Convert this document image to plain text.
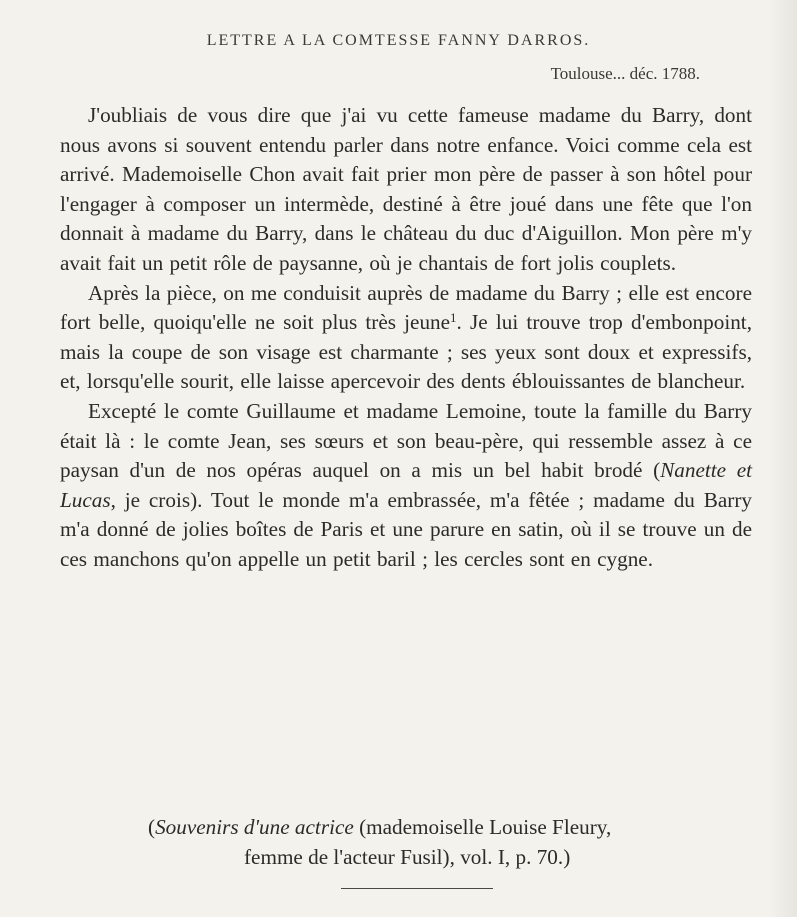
LETTRE A LA COMTESSE FANNY DARROS.
Toulouse... déc. 1788.

J'oubliais de vous dire que j'ai vu cette fameuse madame du Barry, dont nous avons si souvent entendu parler dans notre enfance. Voici comme cela est arrivé. Mademoiselle Chon avait fait prier mon père de passer à son hôtel pour l'engager à composer un intermède, destiné à être joué dans une fête que l'on donnait à madame du Barry, dans le château du duc d'Aiguillon. Mon père m'y avait fait un petit rôle de paysanne, où je chantais de fort jolis couplets.

Après la pièce, on me conduisit auprès de madame du Barry ; elle est encore fort belle, quoiqu'elle ne soit plus très jeune$^1$. Je lui trouve trop d'embonpoint, mais la coupe de son visage est charmante ; ses yeux sont doux et expressifs, et, lorsqu'elle sourit, elle laisse apercevoir des dents éblouissantes de blancheur.

Excepté le comte Guillaume et madame Lemoine, toute la famille du Barry était là : le comte Jean, ses sœurs et son beau-père, qui ressemble assez à ce paysan d'un de nos opéras auquel on a mis un bel habit brodé (Nanette et Lucas, je crois). Tout le monde m'a embrassée, m'a fêtée ; madame du Barry m'a donné de jolies boîtes de Paris et une parure en satin, où il se trouve un de ces manchons qu'on appelle un petit baril ; les cercles sont en cygne.

(Souvenirs d'une actrice (mademoiselle Louise Fleury,
femme de l'acteur Fusil), vol. I, p. 70.)
